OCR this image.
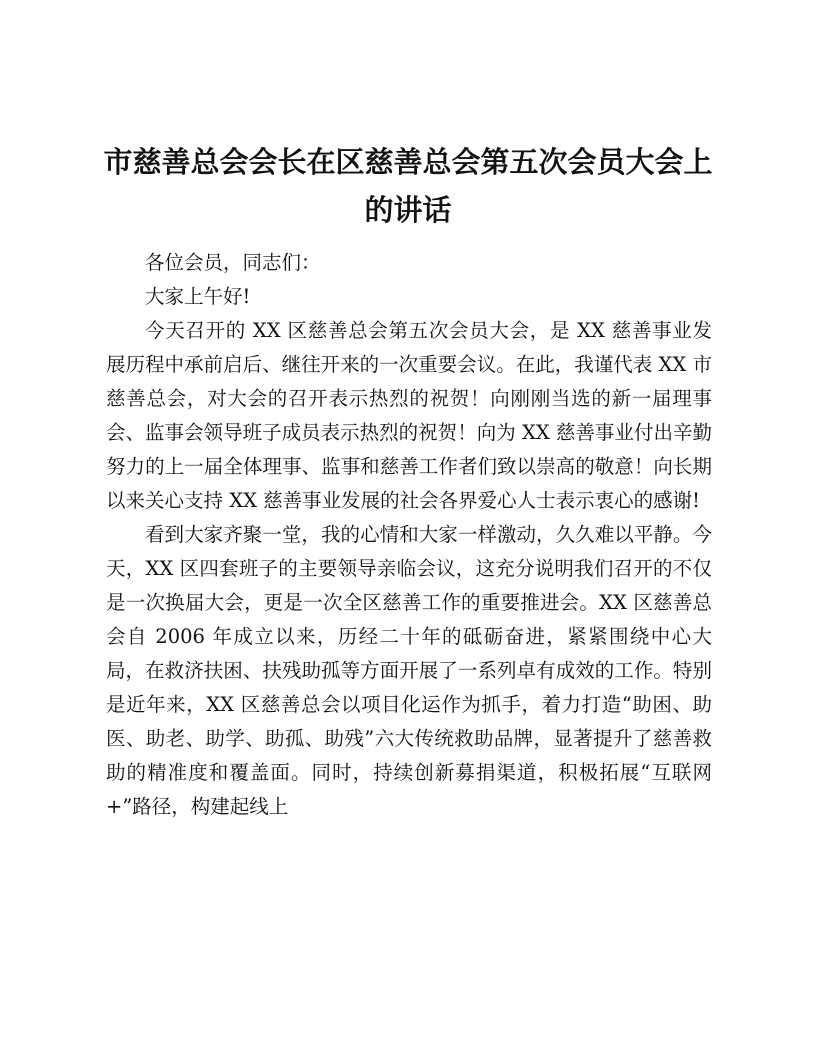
市慈善总会会长在区慈善总会第五次会员大会上的讲话

各位会员，同志们：

大家上午好!

今天召开的 XX 区慈善总会第五次会员大会，是 XX 慈善事业发展历程中承前启后、继往开来的一次重要会议。在此，我谨代表 XX 市慈善总会，对大会的召开表示热烈的祝贺！向刚刚当选的新一届理事会、监事会领导班子成员表示热烈的祝贺！向为 XX 慈善事业付出辛勤努力的上一届全体理事、监事和慈善工作者们致以崇高的敬意！向长期以来关心支持 XX 慈善事业发展的社会各界爱心人士表示衷心的感谢!

看到大家齐聚一堂，我的心情和大家一样激动，久久难以平静。今天，XX 区四套班子的主要领导亲临会议，这充分说明我们召开的不仅是一次换届大会，更是一次全区慈善工作的重要推进会。XX 区慈善总会自 2006 年成立以来，历经二十年的砥砺奋进，紧紧围绕中心大局，在救济扶困、扶残助孤等方面开展了一系列卓有成效的工作。特别是近年来，XX 区慈善总会以项目化运作为抓手，着力打造“助困、助医、助老、助学、助孤、助残”六大传统救助品牌，显著提升了慈善救助的精准度和覆盖面。同时，持续创新募捐渠道，积极拓展“互联网+”路径，构建起线上
